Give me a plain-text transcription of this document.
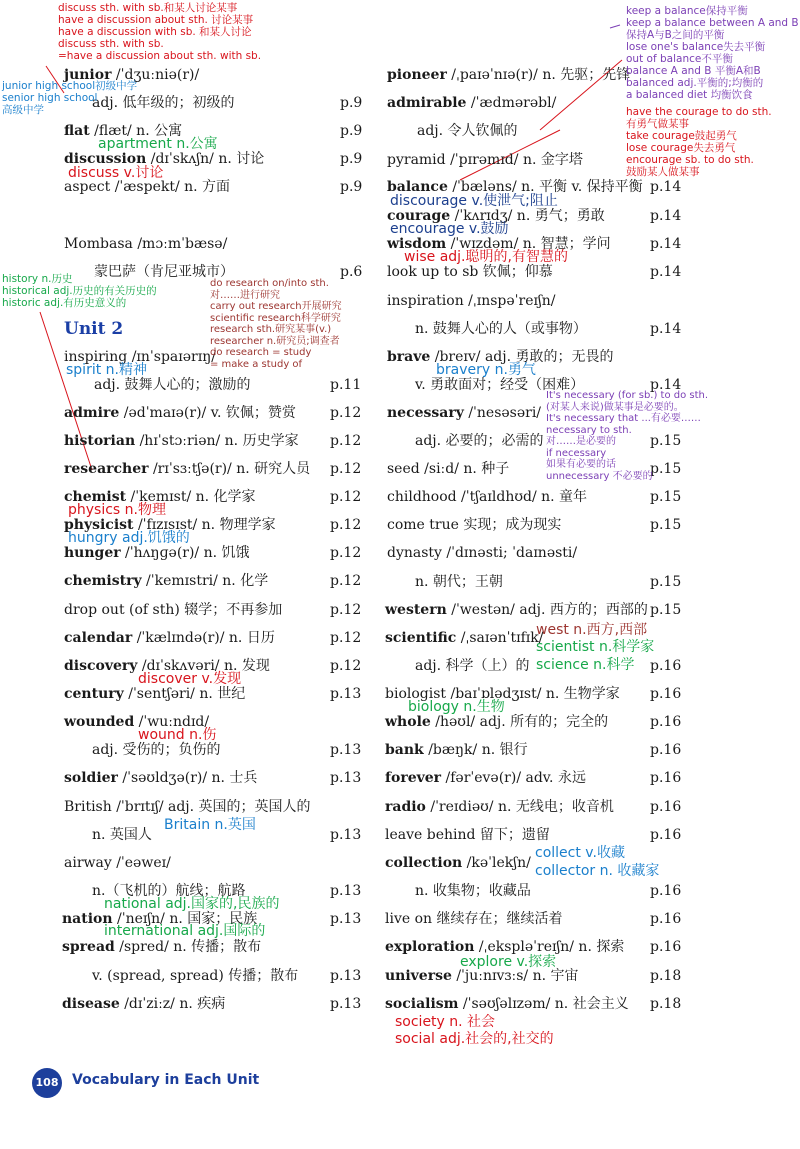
junior /ˈdʒuːniə(r)/
adj. 低年级的；初级的	p.9
flat /flæt/ n. 公寓	p.9
discussion /dɪˈskʌʃn/ n. 讨论	p.9
aspect /ˈæspekt/ n. 方面	p.9
Mombasa /mɔːmˈbæsə/
蒙巴萨（肯尼亚城市）	p.6
Unit 2
inspiring /ɪnˈspaɪərɪŋ/
adj. 鼓舞人心的；激励的	p.11
admire /ədˈmaɪə(r)/ v. 钦佩；赞赏 p.12
historian /hɪˈstɔːriən/ n. 历史学家 p.12
researcher /rɪˈsɜːtʃə(r)/ n. 研究人员 p.12
chemist /ˈkemɪst/ n. 化学家	p.12
physicist /ˈfɪzɪsɪst/ n. 物理学家	p.12
hunger /ˈhʌŋɡə(r)/ n. 饥饿	p.12
chemistry /ˈkemɪstri/ n. 化学	p.12
drop out (of sth) 辍学；不再参加	p.12
calendar /ˈkælɪndə(r)/ n. 日历	p.12
discovery /dɪˈskʌvəri/ n. 发现	p.12
century /ˈsentʃəri/ n. 世纪	p.13
wounded /ˈwuːndɪd/
adj. 受伤的；负伤的	p.13
soldier /ˈsəʊldʒə(r)/ n. 士兵	p.13
British /ˈbrɪtɪʃ/ adj. 英国的；英国人的
n. 英国人	p.13
airway /ˈeəweɪ/
n.（飞机的）航线；航路	p.13
nation /ˈneɪʃn/ n. 国家；民族	p.13
spread /spred/ n. 传播；散布
v. (spread, spread) 传播；散布 p.13
disease /dɪˈziːz/ n. 疾病	p.13
pioneer /ˌpaɪəˈnɪə(r)/ n. 先驱；先锋
admirable /ˈædmərəbl/
adj. 令人钦佩的
pyramid /ˈpɪrəmɪd/ n. 金字塔
balance /ˈbæləns/ n. 平衡 v. 保持平衡 p.14
courage /ˈkʌrɪdʒ/ n. 勇气；勇敢	p.14
wisdom /ˈwɪzdəm/ n. 智慧；学问	p.14
look up to sb 钦佩；仰慕	p.14
inspiration /ˌɪnspəˈreɪʃn/
n. 鼓舞人心的人（或事物）	p.14
brave /breɪv/ adj. 勇敢的；无畏的
v. 勇敢面对；经受（困难）	p.14
necessary /ˈnesəsəri/
adj. 必要的；必需的	p.15
seed /siːd/ n. 种子	p.15
childhood /ˈtʃaɪldhʊd/ n. 童年	p.15
come true 实现；成为现实	p.15
dynasty /ˈdɪnəsti; ˈdaɪnəsti/
n. 朝代；王朝	p.15
western /ˈwestən/ adj. 西方的；西部的 p.15
scientific /ˌsaɪənˈtɪfɪk/
adj. 科学（上）的	p.16
biologist /baɪˈɒlədʒɪst/ n. 生物学家 p.16
whole /həʊl/ adj. 所有的；完全的	p.16
bank /bæŋk/ n. 银行	p.16
forever /fərˈevə(r)/ adv. 永远	p.16
radio /ˈreɪdiəʊ/ n. 无线电；收音机	p.16
leave behind 留下；遗留	p.16
collection /kəˈlekʃn/
n. 收集物；收藏品	p.16
live on 继续存在；继续活着	p.16
exploration /ˌekspləˈreɪʃn/ n. 探索 p.16
universe /ˈjuːnɪvɜːs/ n. 宇宙	p.18
socialism /ˈsəʊʃəlɪzəm/ n. 社会主义 p.18
discuss sth. with sb.和某人讨论某事
have a discussion about sth. 讨论某事
have a discussion with sb. 和某人讨论
discuss sth. with sb.
=have a discussion about sth. with sb.
junior high school初级中学
senior high school
高级中学
history n.历史
historical adj.历史的有关历史的
historic adj.有历史意义的
do research on/into sth.
对……进行研究
carry out research开展研究
scientific research科学研究
research sth.研究某事(v.)
researcher n.研究员;调查者
do research = study
= make a study of
keep a balance保持平衡
keep a balance between A and B
保持A与B之间的平衡
lose one's balance失去平衡
out of balance不平衡
balance A and B 平衡A和B
balanced adj.平衡的;均衡的
a balanced diet 均衡饮食
have the courage to do sth.
有勇气做某事
take courage鼓起勇气
lose courage失去勇气
encourage sb. to do sth.
鼓励某人做某事
It's necessary (for sb.) to do sth.
(对某人来说)做某事是必要的。
It's necessary that ...有必要……
necessary to sth.
对……是必要的
if necessary
如果有必要的话
unnecessary 不必要的
apartment n.公寓
discuss v.讨论
spirit n.精神
physics n.物理
hungry adj.饥饿的
discover v.发现
wound n.伤
Britain n.英国
national adj.国家的,民族的
international adj.国际的
discourage v.使泄气;阻止
encourage v.鼓励
wise adj.聪明的,有智慧的
bravery n.勇气
west n.西方,西部
scientist n.科学家
science n.科学
biology n.生物
collect v.收藏
collector n. 收藏家
explore v.探索
society n. 社会
social adj.社会的,社交的
108 Vocabulary in Each Unit
